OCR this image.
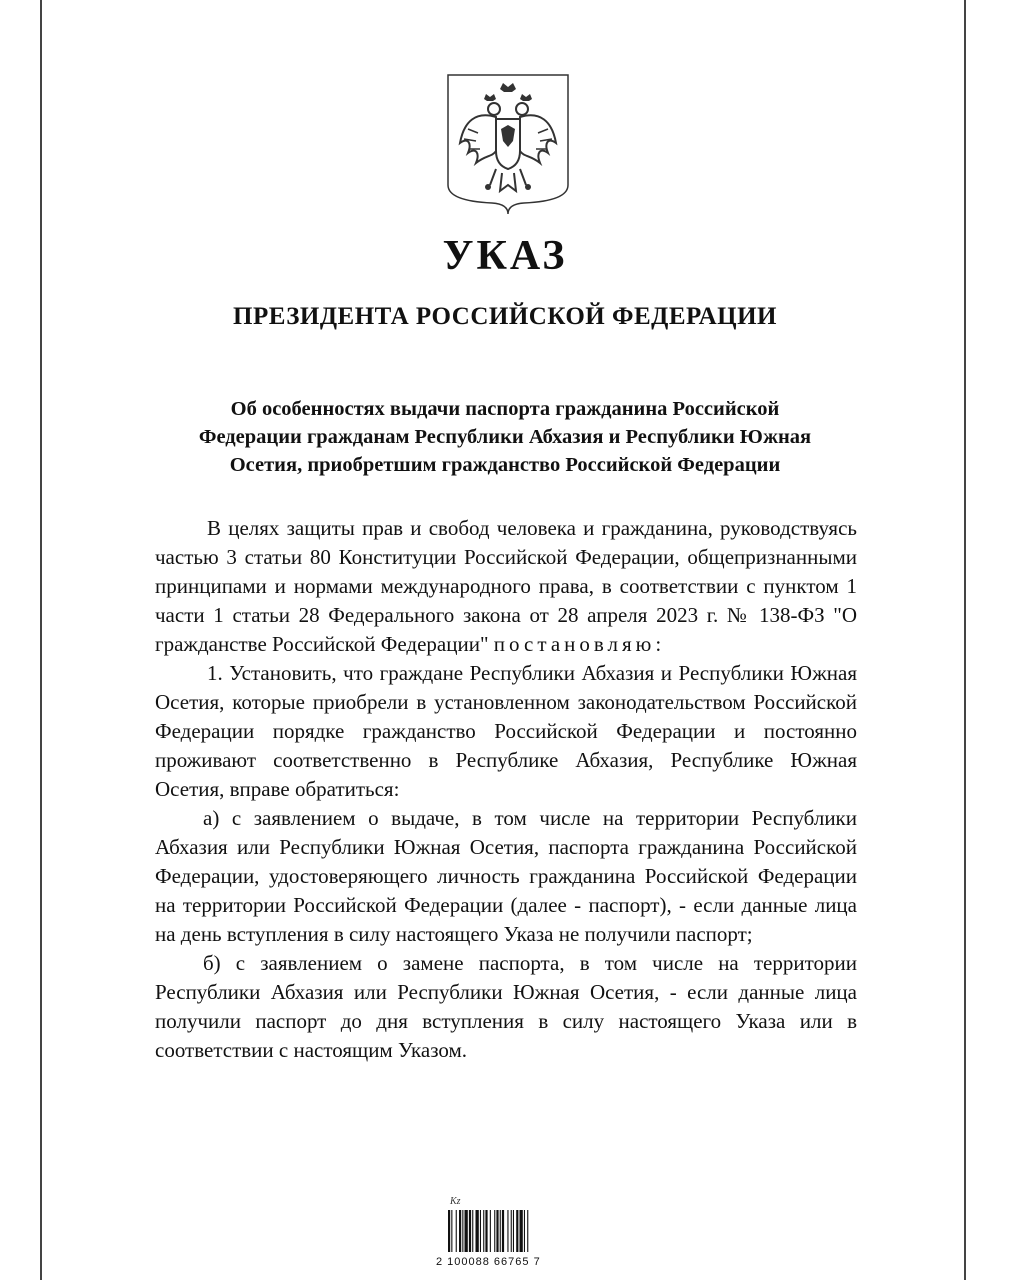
УКАЗ
ПРЕЗИДЕНТА РОССИЙСКОЙ ФЕДЕРАЦИИ
Об особенностях выдачи паспорта гражданина Российской
Федерации гражданам Республики Абхазия и Республики Южная
Осетия, приобретшим гражданство Российской Федерации

В целях защиты прав и свобод человека и гражданина, руководствуясь частью 3 статьи 80 Конституции Российской Федерации, общепризнанными принципами и нормами международного права, в соответствии с пунктом 1 части 1 статьи 28 Федерального закона от 28 апреля 2023 г. № 138-ФЗ "О гражданстве Российской Федерации" постановляю:

1. Установить, что граждане Республики Абхазия и Республики Южная Осетия, которые приобрели в установленном законодательством Российской Федерации порядке гражданство Российской Федерации и постоянно проживают соответственно в Республике Абхазия, Республике Южная Осетия, вправе обратиться:

а) с заявлением о выдаче, в том числе на территории Республики Абхазия или Республики Южная Осетия, паспорта гражданина Российской Федерации, удостоверяющего личность гражданина Российской Федерации на территории Российской Федерации (далее - паспорт), - если данные лица на день вступления в силу настоящего Указа не получили паспорт;

б) с заявлением о замене паспорта, в том числе на территории Республики Абхазия или Республики Южная Осетия, - если данные лица получили паспорт до дня вступления в силу настоящего Указа или в соответствии с настоящим Указом.

Кz
2 100088 66765 7
